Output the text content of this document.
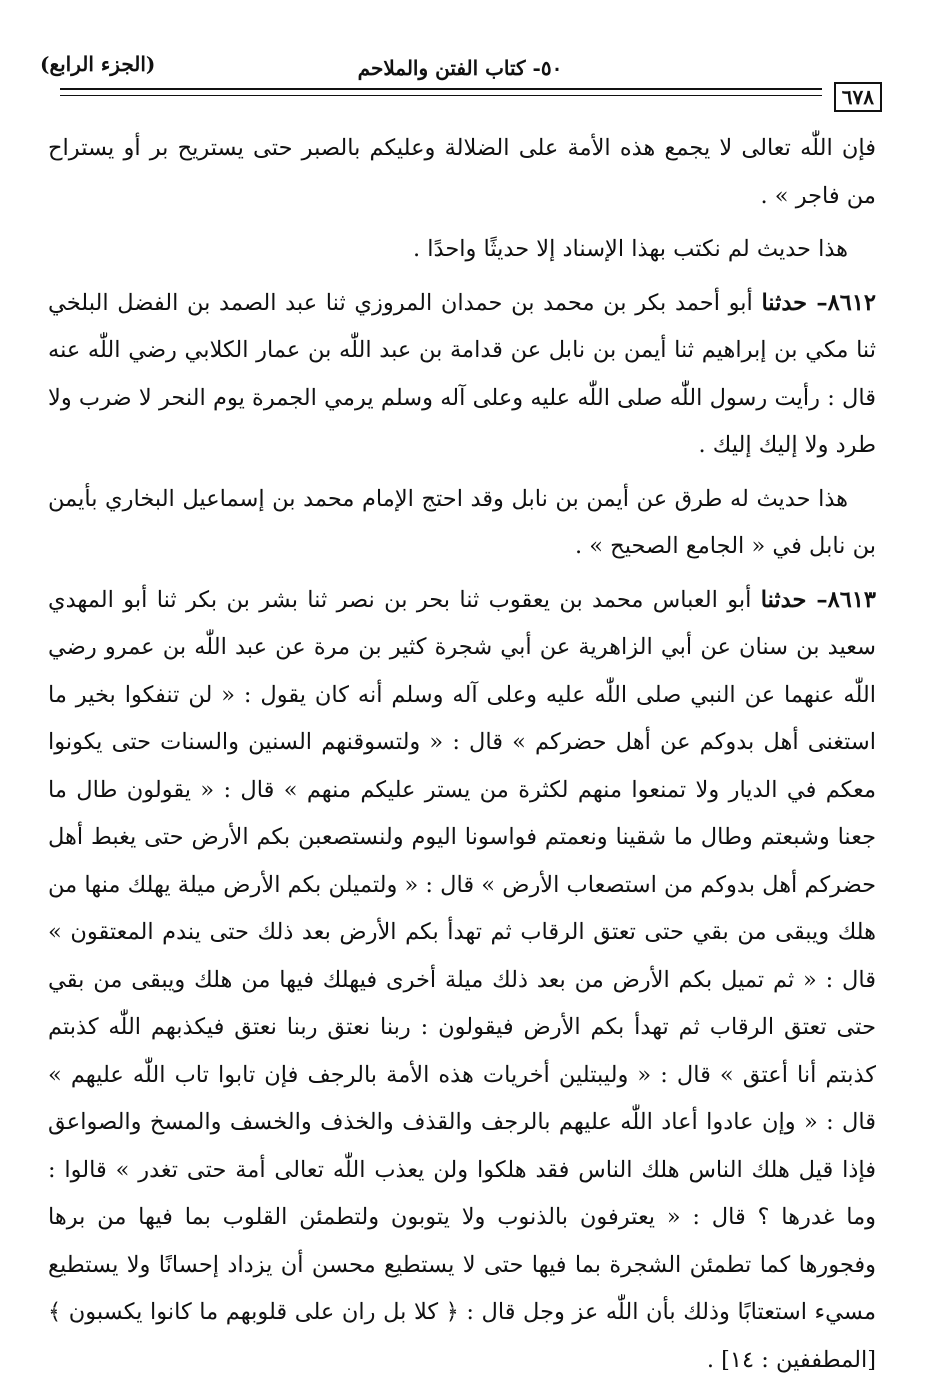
٥٠- كتاب الفتن والملاحم
(الجزء الرابع)
٦٧٨

فإن اللّٰه تعالى لا يجمع هذه الأمة على الضلالة وعليكم بالصبر حتى يستريح بر أو يستراح من فاجر » .

هذا حديث لم نكتب بهذا الإسناد إلا حديثًا واحدًا .

٨٦١٢– حدثنا أبو أحمد بكر بن محمد بن حمدان المروزي ثنا عبد الصمد بن الفضل البلخي ثنا مكي بن إبراهيم ثنا أيمن بن نابل عن قدامة بن عبد اللّٰه بن عمار الكلابي رضي اللّٰه عنه قال : رأيت رسول اللّٰه صلى اللّٰه عليه وعلى آله وسلم يرمي الجمرة يوم النحر لا ضرب ولا طرد ولا إليك إليك .

هذا حديث له طرق عن أيمن بن نابل وقد احتج الإمام محمد بن إسماعيل البخاري بأيمن بن نابل في « الجامع الصحيح » .

٨٦١٣– حدثنا أبو العباس محمد بن يعقوب ثنا بحر بن نصر ثنا بشر بن بكر ثنا أبو المهدي سعيد بن سنان عن أبي الزاهرية عن أبي شجرة كثير بن مرة عن عبد اللّٰه بن عمرو رضي اللّٰه عنهما عن النبي صلى اللّٰه عليه وعلى آله وسلم أنه كان يقول : « لن تنفكوا بخير ما استغنى أهل بدوكم عن أهل حضركم » قال : « ولتسوقنهم السنين والسنات حتى يكونوا معكم في الديار ولا تمنعوا منهم لكثرة من يستر عليكم منهم » قال : « يقولون طال ما جعنا وشبعتم وطال ما شقينا ونعمتم فواسونا اليوم ولنستصعبن بكم الأرض حتى يغبط أهل حضركم أهل بدوكم من استصعاب الأرض » قال : « ولتميلن بكم الأرض ميلة يهلك منها من هلك ويبقى من بقي حتى تعتق الرقاب ثم تهدأ بكم الأرض بعد ذلك حتى يندم المعتقون » قال : « ثم تميل بكم الأرض من بعد ذلك ميلة أخرى فيهلك فيها من هلك ويبقى من بقي حتى تعتق الرقاب ثم تهدأ بكم الأرض فيقولون : ربنا نعتق ربنا نعتق فيكذبهم اللّٰه كذبتم كذبتم أنا أعتق » قال : « وليبتلين أخريات هذه الأمة بالرجف فإن تابوا تاب اللّٰه عليهم » قال : « وإن عادوا أعاد اللّٰه عليهم بالرجف والقذف والخذف والخسف والمسخ والصواعق فإذا قيل هلك الناس هلك الناس فقد هلكوا ولن يعذب اللّٰه تعالى أمة حتى تغدر » قالوا : وما غدرها ؟ قال : « يعترفون بالذنوب ولا يتوبون ولتطمئن القلوب بما فيها من برها وفجورها كما تطمئن الشجرة بما فيها حتى لا يستطيع محسن أن يزداد إحسانًا ولا يستطيع مسيء استعتابًا وذلك بأن اللّٰه عز وجل قال : ﴿ كلا بل ران على قلوبهم ما كانوا يكسبون ﴾ [المطففين : ١٤] .
